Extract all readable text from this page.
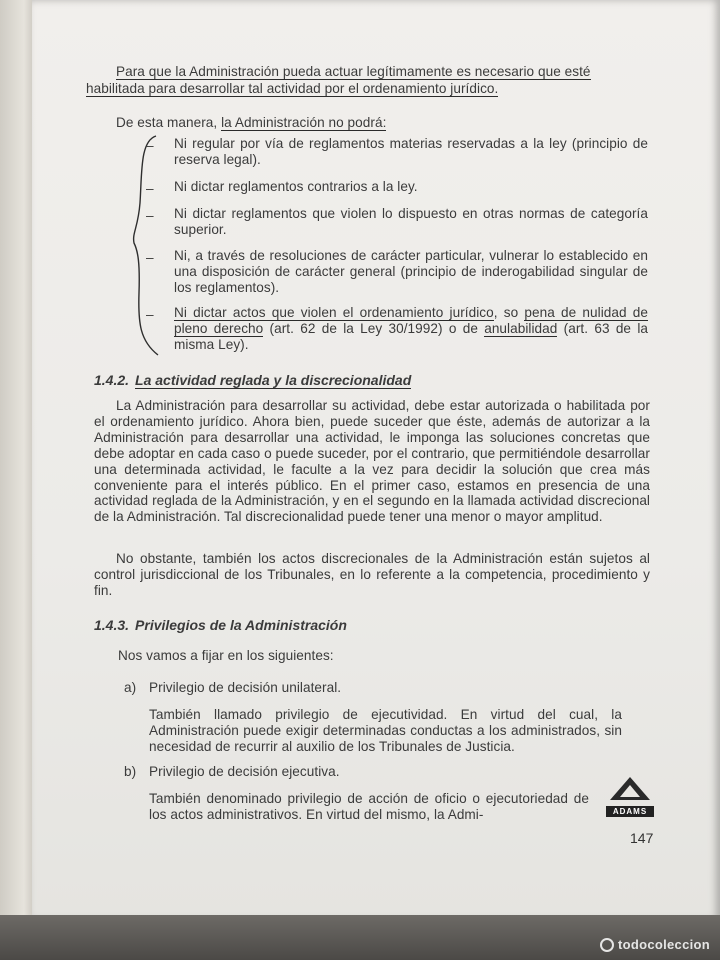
Para que la Administración pueda actuar legítimamente es necesario que esté
habilitada para desarrollar tal actividad por el ordenamiento jurídico.
De esta manera, la Administración no podrá:
– Ni regular por vía de reglamentos materias reservadas a la ley (principio de reserva legal).
– Ni dictar reglamentos contrarios a la ley.
– Ni dictar reglamentos que violen lo dispuesto en otras normas de categoría superior.
– Ni, a través de resoluciones de carácter particular, vulnerar lo establecido en una disposición de carácter general (principio de inderogabilidad singular de los reglamentos).
– Ni dictar actos que violen el ordenamiento jurídico, so pena de nulidad de pleno derecho (art. 62 de la Ley 30/1992) o de anulabilidad (art. 63 de la misma Ley).
1.4.2. La actividad reglada y la discrecionalidad
La Administración para desarrollar su actividad, debe estar autorizada o habilitada por el ordenamiento jurídico. Ahora bien, puede suceder que éste, además de autorizar a la Administración para desarrollar una actividad, le imponga las soluciones concretas que debe adoptar en cada caso o puede suceder, por el contrario, que permitiéndole desarrollar una determinada actividad, le faculte a la vez para decidir la solución que crea más conveniente para el interés público. En el primer caso, estamos en presencia de una actividad reglada de la Administración, y en el segundo en la llamada actividad discrecional de la Administración. Tal discrecionalidad puede tener una menor o mayor amplitud.
No obstante, también los actos discrecionales de la Administración están sujetos al control jurisdiccional de los Tribunales, en lo referente a la competencia, procedimiento y fin.
1.4.3. Privilegios de la Administración
Nos vamos a fijar en los siguientes:
a) Privilegio de decisión unilateral.
También llamado privilegio de ejecutividad. En virtud del cual, la Administración puede exigir determinadas conductas a los administrados, sin necesidad de recurrir al auxilio de los Tribunales de Justicia.
b) Privilegio de decisión ejecutiva.
También denominado privilegio de acción de oficio o ejecutoriedad de los actos administrativos. En virtud del mismo, la Admi-	ADAMS
147
todocoleccion
